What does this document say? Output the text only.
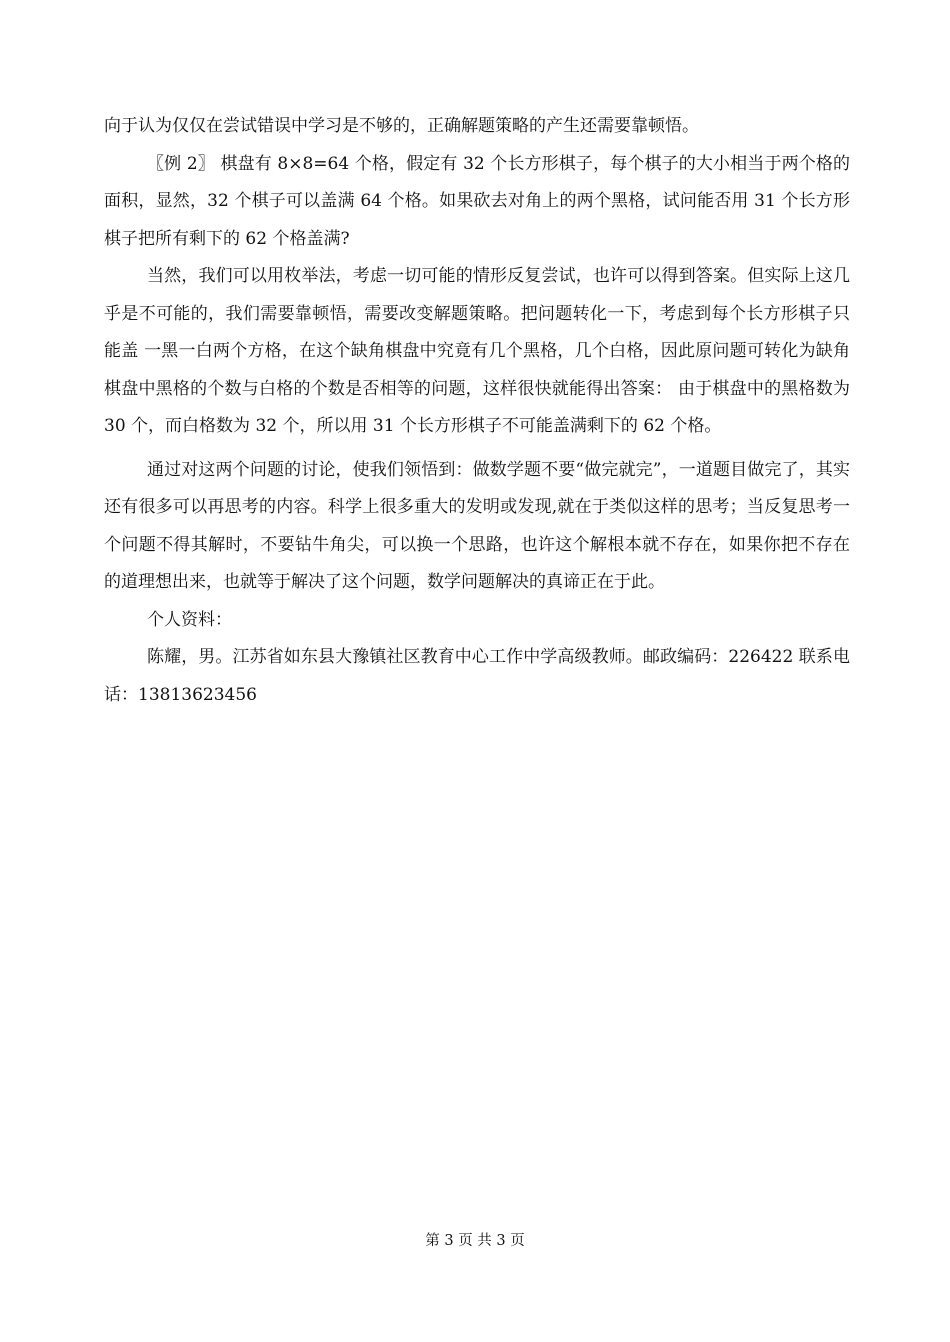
向于认为仅仅在尝试错误中学习是不够的，正确解题策略的产生还需要靠顿悟。

〖例 2〗 棋盘有 8×8=64 个格，假定有 32 个长方形棋子，每个棋子的大小相当于两个格的面积，显然，32 个棋子可以盖满 64 个格。如果砍去对角上的两个黑格，试问能否用 31 个长方形棋子把所有剩下的 62 个格盖满?

当然，我们可以用枚举法，考虑一切可能的情形反复尝试，也许可以得到答案。但实际上这几乎是不可能的，我们需要靠顿悟，需要改变解题策略。把问题转化一下，考虑到每个长方形棋子只能盖 一黑一白两个方格，在这个缺角棋盘中究竟有几个黑格，几个白格，因此原问题可转化为缺角棋盘中黑格的个数与白格的个数是否相等的问题，这样很快就能得出答案： 由于棋盘中的黑格数为 30 个，而白格数为 32 个，所以用 31 个长方形棋子不可能盖满剩下的 62 个格。

通过对这两个问题的讨论，使我们领悟到：做数学题不要“做完就完”，一道题目做完了，其实还有很多可以再思考的内容。科学上很多重大的发明或发现,就在于类似这样的思考；当反复思考一个问题不得其解时，不要钻牛角尖，可以换一个思路，也许这个解根本就不存在，如果你把不存在的道理想出来，也就等于解决了这个问题，数学问题解决的真谛正在于此。

个人资料：

陈耀，男。江苏省如东县大豫镇社区教育中心工作中学高级教师。邮政编码：226422 联系电话：13813623456

第 3 页 共 3 页
